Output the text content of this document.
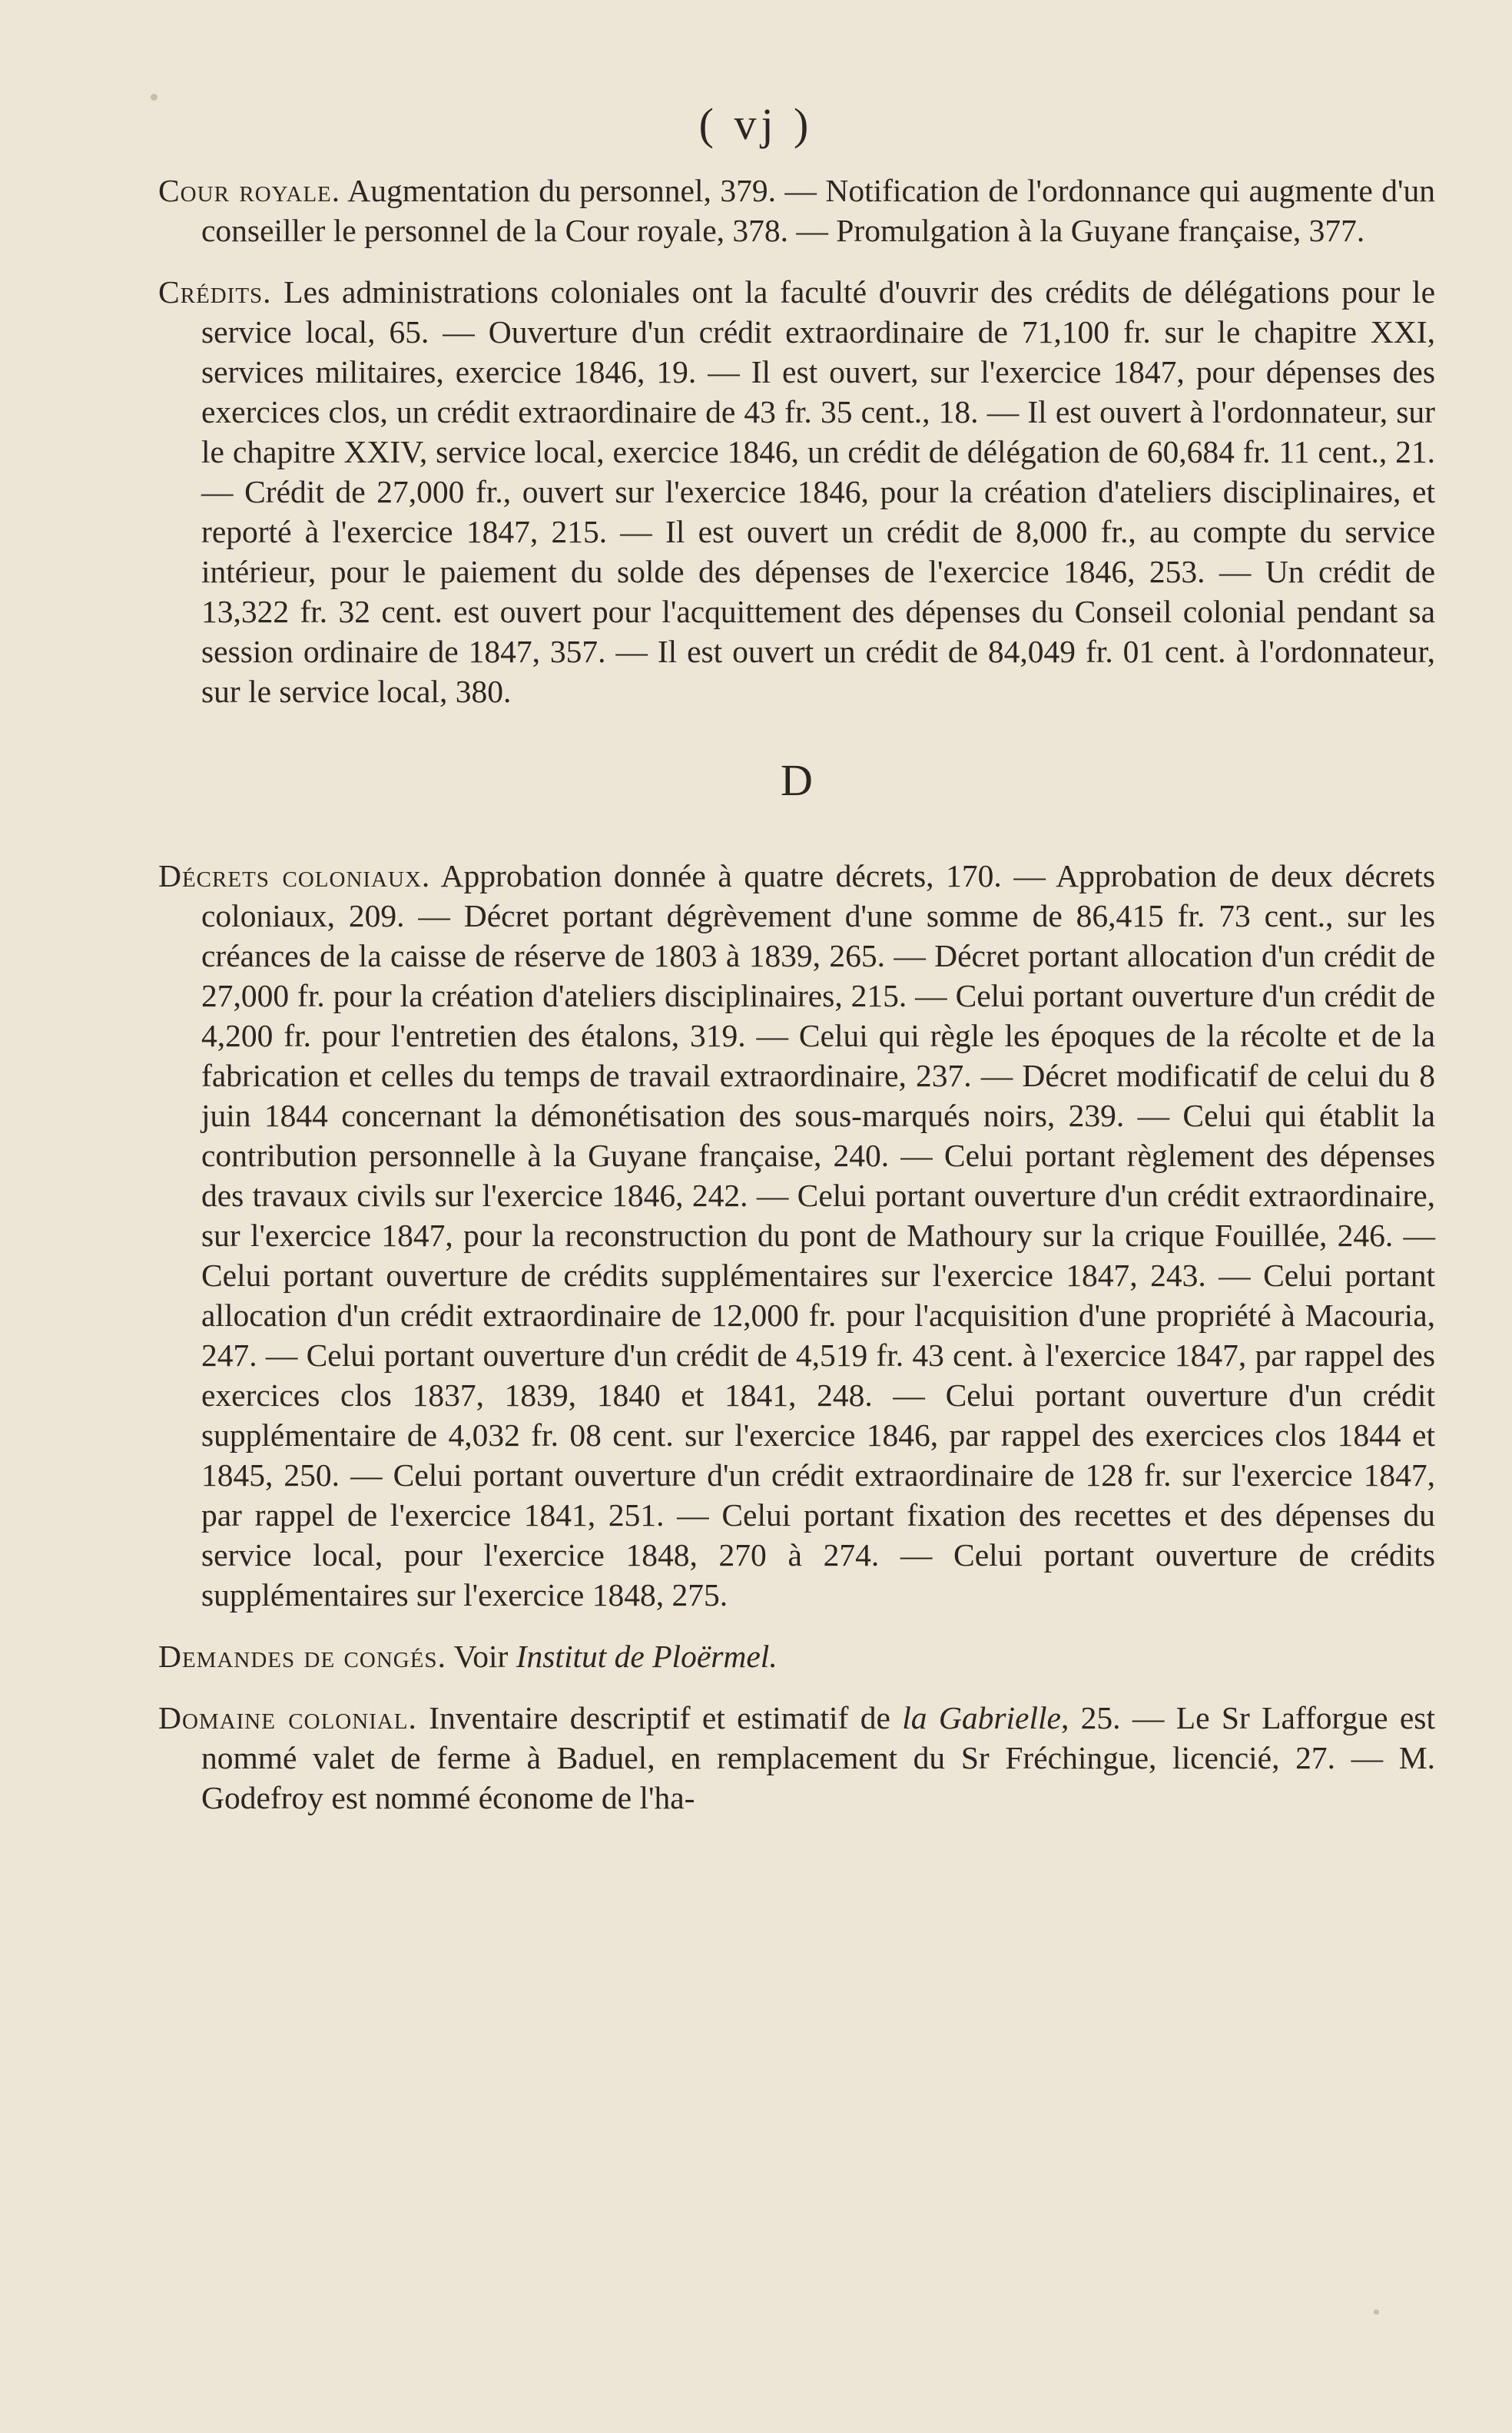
( vj )

Cour royale. Augmentation du personnel, 379. — Notification de l'ordonnance qui augmente d'un conseiller le personnel de la Cour royale, 378. — Promulgation à la Guyane française, 377.

Crédits. Les administrations coloniales ont la faculté d'ouvrir des crédits de délégations pour le service local, 65. — Ouverture d'un crédit extraordinaire de 71,100 fr. sur le chapitre XXI, services militaires, exercice 1846, 19. — Il est ouvert, sur l'exercice 1847, pour dépenses des exercices clos, un crédit extraordinaire de 43 fr. 35 cent., 18. — Il est ouvert à l'ordonnateur, sur le chapitre XXIV, service local, exercice 1846, un crédit de délégation de 60,684 fr. 11 cent., 21. — Crédit de 27,000 fr., ouvert sur l'exercice 1846, pour la création d'ateliers disciplinaires, et reporté à l'exercice 1847, 215. — Il est ouvert un crédit de 8,000 fr., au compte du service intérieur, pour le paiement du solde des dépenses de l'exercice 1846, 253. — Un crédit de 13,322 fr. 32 cent. est ouvert pour l'acquittement des dépenses du Conseil colonial pendant sa session ordinaire de 1847, 357. — Il est ouvert un crédit de 84,049 fr. 01 cent. à l'ordonnateur, sur le service local, 380.

D

Décrets coloniaux. Approbation donnée à quatre décrets, 170. — Approbation de deux décrets coloniaux, 209. — Décret portant dégrèvement d'une somme de 86,415 fr. 73 cent., sur les créances de la caisse de réserve de 1803 à 1839, 265. — Décret portant allocation d'un crédit de 27,000 fr. pour la création d'ateliers disciplinaires, 215. — Celui portant ouverture d'un crédit de 4,200 fr. pour l'entretien des étalons, 319. — Celui qui règle les époques de la récolte et de la fabrication et celles du temps de travail extraordinaire, 237. — Décret modificatif de celui du 8 juin 1844 concernant la démonétisation des sous-marqués noirs, 239. — Celui qui établit la contribution personnelle à la Guyane française, 240. — Celui portant règlement des dépenses des travaux civils sur l'exercice 1846, 242. — Celui portant ouverture d'un crédit extraordinaire, sur l'exercice 1847, pour la reconstruction du pont de Mathoury sur la crique Fouillée, 246. — Celui portant ouverture de crédits supplémentaires sur l'exercice 1847, 243. — Celui portant allocation d'un crédit extraordinaire de 12,000 fr. pour l'acquisition d'une propriété à Macouria, 247. — Celui portant ouverture d'un crédit de 4,519 fr. 43 cent. à l'exercice 1847, par rappel des exercices clos 1837, 1839, 1840 et 1841, 248. — Celui portant ouverture d'un crédit supplémentaire de 4,032 fr. 08 cent. sur l'exercice 1846, par rappel des exercices clos 1844 et 1845, 250. — Celui portant ouverture d'un crédit extraordinaire de 128 fr. sur l'exercice 1847, par rappel de l'exercice 1841, 251. — Celui portant fixation des recettes et des dépenses du service local, pour l'exercice 1848, 270 à 274. — Celui portant ouverture de crédits supplémentaires sur l'exercice 1848, 275.

Demandes de congés. Voir Institut de Ploërmel.

Domaine colonial. Inventaire descriptif et estimatif de la Gabrielle, 25. — Le Sr Lafforgue est nommé valet de ferme à Baduel, en remplacement du Sr Fréchingue, licencié, 27. — M. Godefroy est nommé économe de l'ha-
